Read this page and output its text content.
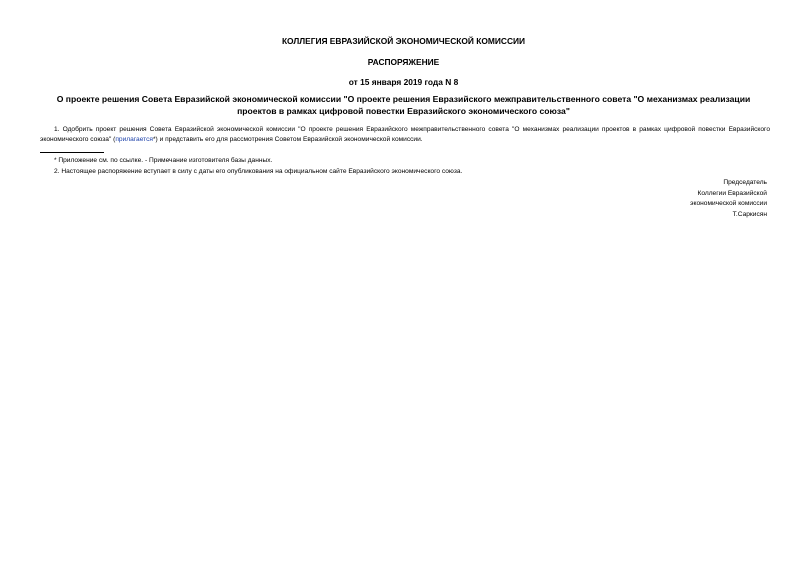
КОЛЛЕГИЯ ЕВРАЗИЙСКОЙ ЭКОНОМИЧЕСКОЙ КОМИССИИ
РАСПОРЯЖЕНИЕ
от 15 января 2019 года N 8
О проекте решения Совета Евразийской экономической комиссии "О проекте решения Евразийского межправительственного совета "О механизмах реализации проектов в рамках цифровой повестки Евразийского экономического союза"
1. Одобрить проект решения Совета Евразийской экономической комиссии "О проекте решения Евразийского межправительственного совета "О механизмах реализации проектов в рамках цифровой повестки Евразийского экономического союза" (прилагается*) и представить его для рассмотрения Советом Евразийской экономической комиссии.
* Приложение см. по ссылке. - Примечание изготовителя базы данных.
2. Настоящее распоряжение вступает в силу с даты его опубликования на официальном сайте Евразийского экономического союза.
Председатель
Коллегии Евразийской
экономической комиссии
Т.Саркисян
